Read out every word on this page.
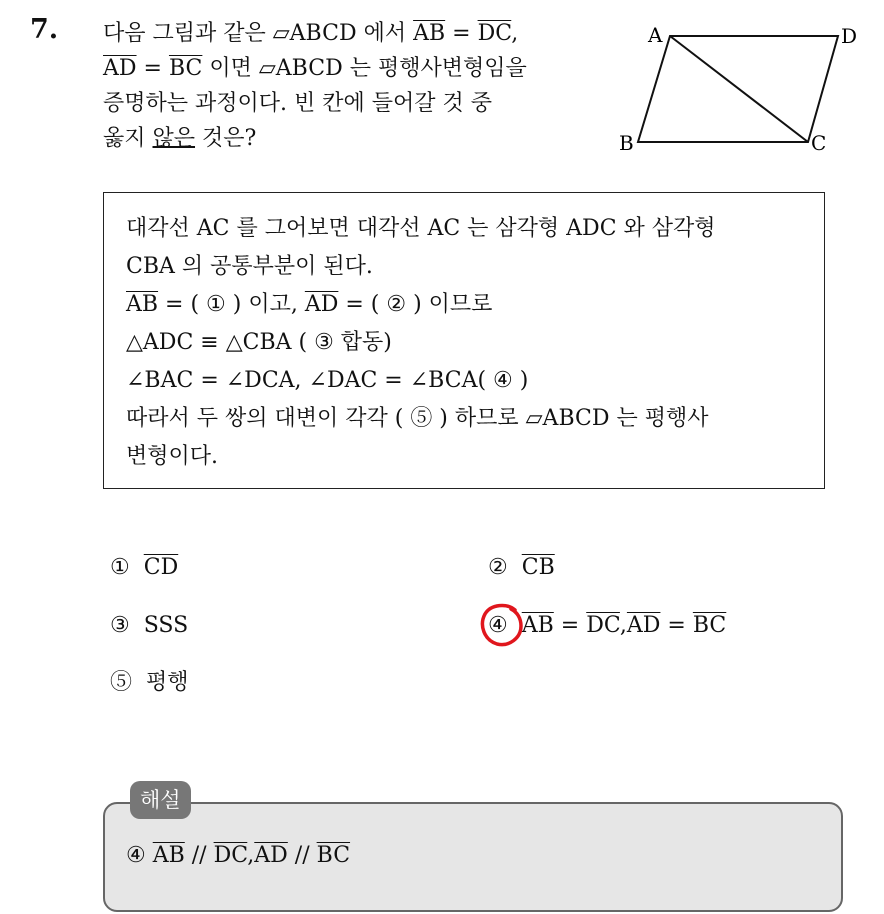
7. 다음 그림과 같은 ▱ABCD 에서 $\overline{AB} = \overline{DC}$,
$\overline{AD} = \overline{BC}$ 이면 ▱ABCD 는 평행사변형임을
증명하는 과정이다. 빈 칸에 들어갈 것 중
옳지 않은 것은?
A	D
B	C
대각선 AC 를 그어보면 대각선 AC 는 삼각형 ADC 와 삼각형
CBA 의 공통부분이 된다.
$\overline{AB}$ = ( ① ) 이고, $\overline{AD}$ = ( ② ) 이므로
△ADC ≡ △CBA ( ③ 합동)
∠BAC = ∠DCA, ∠DAC = ∠BCA( ④ )
따라서 두 쌍의 대변이 각각 ( ⑤ ) 하므로 ▱ABCD 는 평행사
변형이다.
① $\overline{CD}$	② $\overline{CB}$
③ SSS	④ $\overline{AB} = \overline{DC},\overline{AD} = \overline{BC}$
⑤ 평행
해설
④ $\overline{AB} // \overline{DC},\overline{AD} // \overline{BC}$
